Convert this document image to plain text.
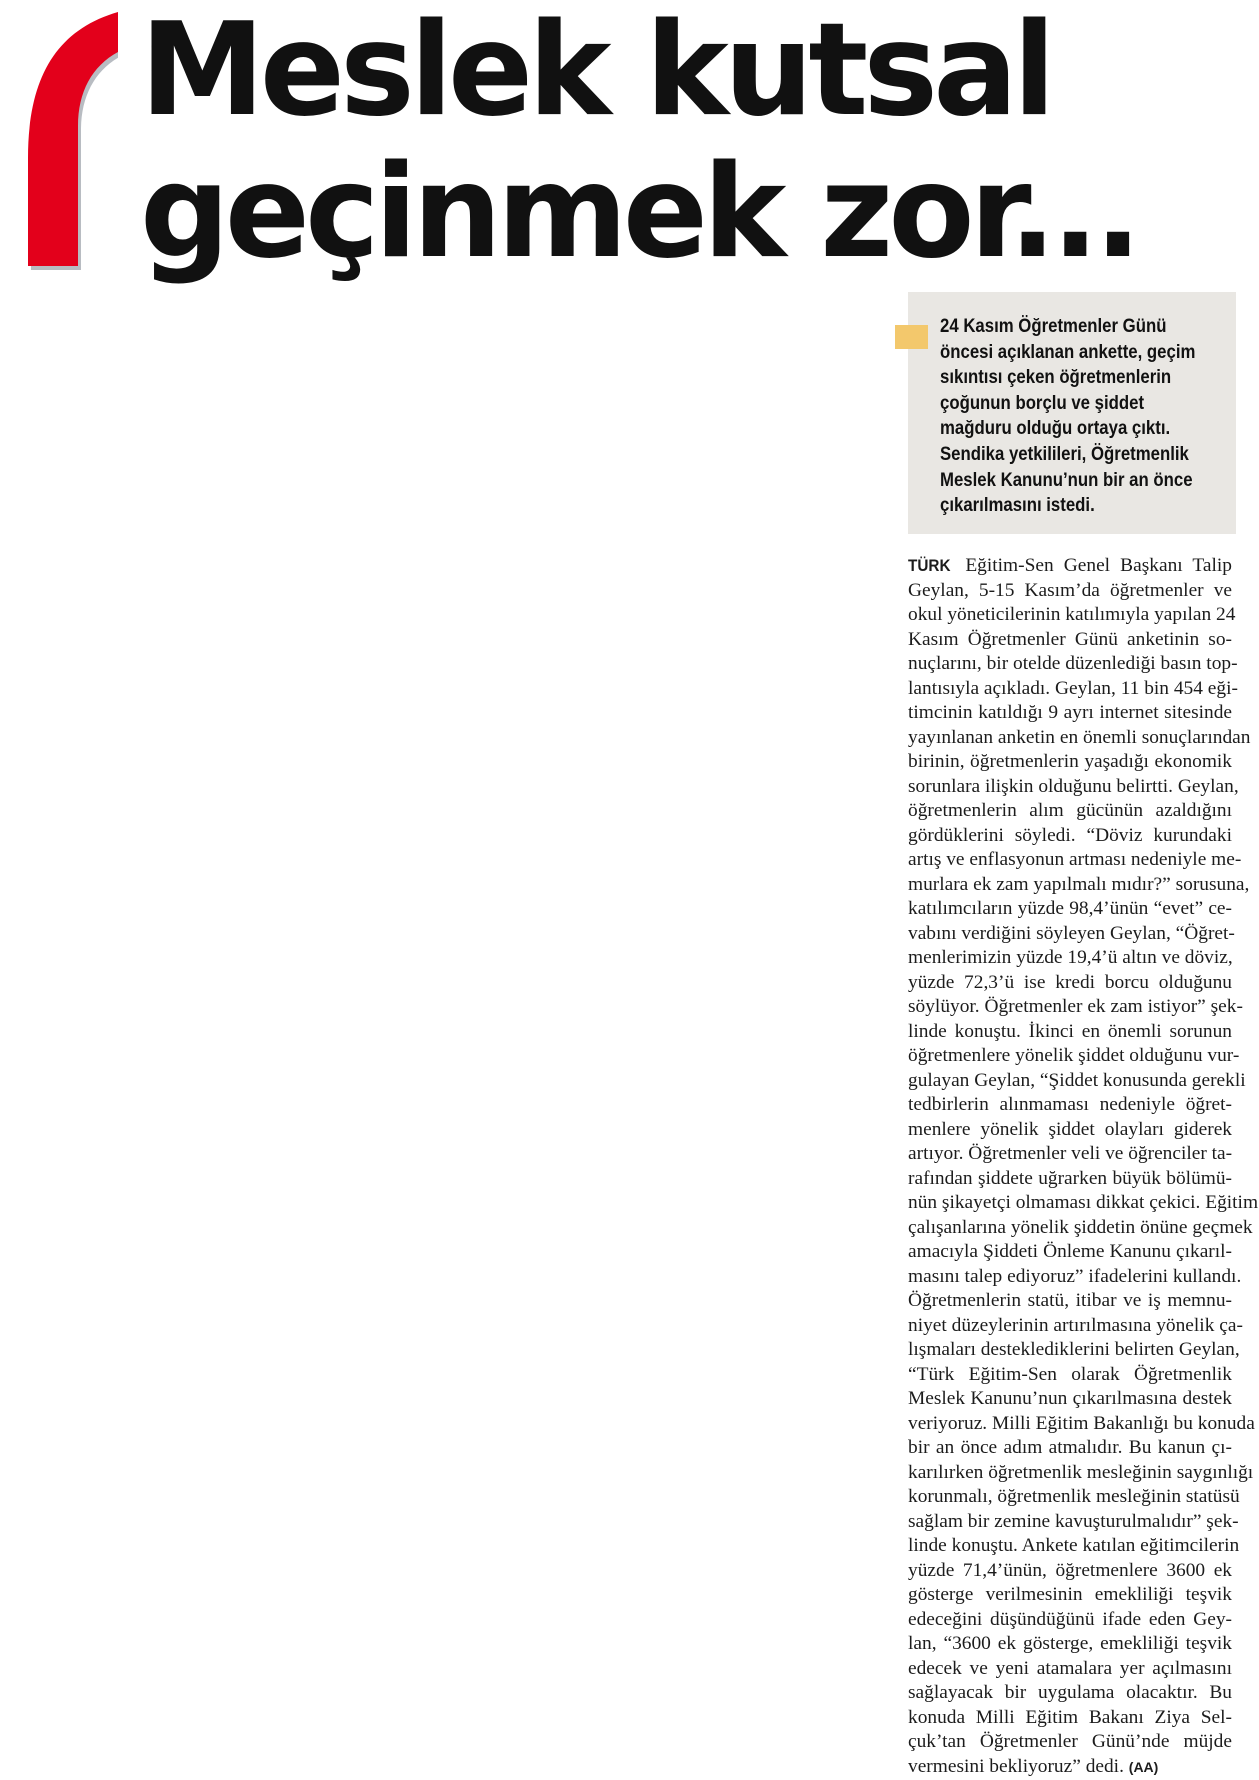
Meslek kutsal
geçinmek zor...
24 Kasım Öğretmenler Günü
öncesi açıklanan ankette, geçim
sıkıntısı çeken öğretmenlerin
çoğunun borçlu ve şiddet
mağduru olduğu ortaya çıktı.
Sendika yetkilileri, Öğretmenlik
Meslek Kanunu’nun bir an önce
çıkarılmasını istedi.
TÜRK Eğitim-Sen Genel Başkanı Talip
Geylan, 5-15 Kasım’da öğretmenler ve
okul yöneticilerinin katılımıyla yapılan 24
Kasım Öğretmenler Günü anketinin so-
nuçlarını, bir otelde düzenlediği basın top-
lantısıyla açıkladı. Geylan, 11 bin 454 eği-
timcinin katıldığı 9 ayrı internet sitesinde
yayınlanan anketin en önemli sonuçlarından
birinin, öğretmenlerin yaşadığı ekonomik
sorunlara ilişkin olduğunu belirtti. Geylan,
öğretmenlerin alım gücünün azaldığını
gördüklerini söyledi. “Döviz kurundaki
artış ve enflasyonun artması nedeniyle me-
murlara ek zam yapılmalı mıdır?” sorusuna,
katılımcıların yüzde 98,4’ünün “evet” ce-
vabını verdiğini söyleyen Geylan, “Öğret-
menlerimizin yüzde 19,4’ü altın ve döviz,
yüzde 72,3’ü ise kredi borcu olduğunu
söylüyor. Öğretmenler ek zam istiyor” şek-
linde konuştu. İkinci en önemli sorunun
öğretmenlere yönelik şiddet olduğunu vur-
gulayan Geylan, “Şiddet konusunda gerekli
tedbirlerin alınmaması nedeniyle öğret-
menlere yönelik şiddet olayları giderek
artıyor. Öğretmenler veli ve öğrenciler ta-
rafından şiddete uğrarken büyük bölümü-
nün şikayetçi olmaması dikkat çekici. Eğitim
çalışanlarına yönelik şiddetin önüne geçmek
amacıyla Şiddeti Önleme Kanunu çıkarıl-
masını talep ediyoruz” ifadelerini kullandı.
Öğretmenlerin statü, itibar ve iş memnu-
niyet düzeylerinin artırılmasına yönelik ça-
lışmaları desteklediklerini belirten Geylan,
“Türk Eğitim-Sen olarak Öğretmenlik
Meslek Kanunu’nun çıkarılmasına destek
veriyoruz. Milli Eğitim Bakanlığı bu konuda
bir an önce adım atmalıdır. Bu kanun çı-
karılırken öğretmenlik mesleğinin saygınlığı
korunmalı, öğretmenlik mesleğinin statüsü
sağlam bir zemine kavuşturulmalıdır” şek-
linde konuştu. Ankete katılan eğitimcilerin
yüzde 71,4’ünün, öğretmenlere 3600 ek
gösterge verilmesinin emekliliği teşvik
edeceğini düşündüğünü ifade eden Gey-
lan, “3600 ek gösterge, emekliliği teşvik
edecek ve yeni atamalara yer açılmasını
sağlayacak bir uygulama olacaktır. Bu
konuda Milli Eğitim Bakanı Ziya Sel-
çuk’tan Öğretmenler Günü’nde müjde
vermesini bekliyoruz” dedi. (AA)
